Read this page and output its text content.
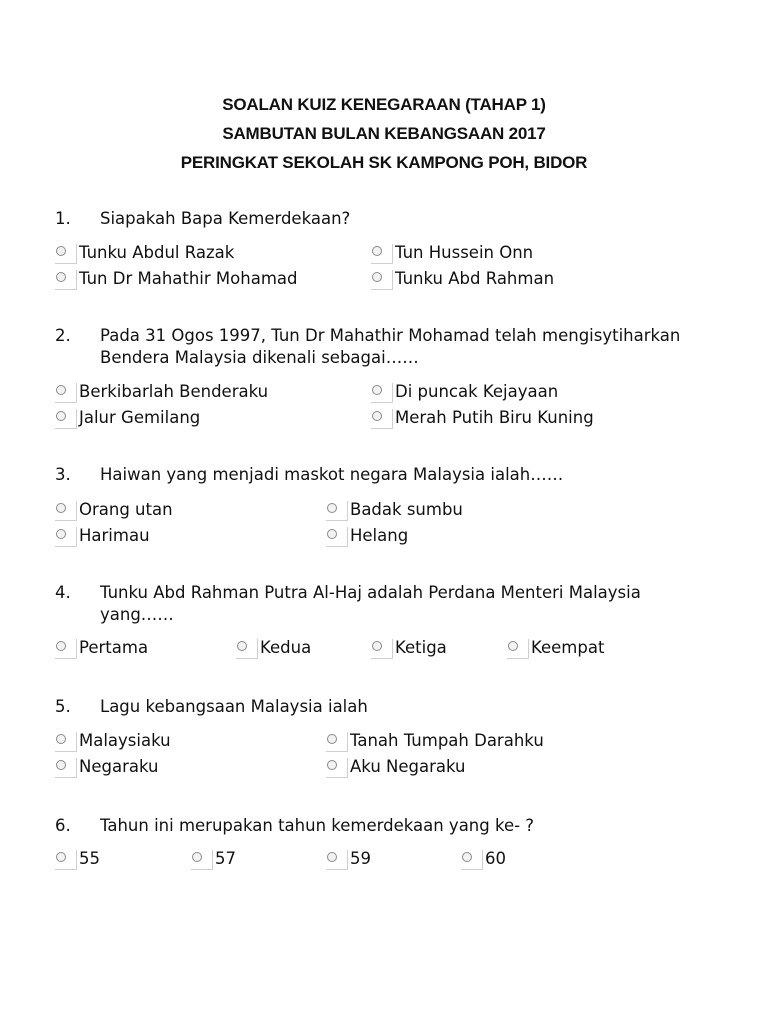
SOALAN KUIZ KENEGARAAN (TAHAP 1)
SAMBUTAN BULAN KEBANGSAAN 2017
PERINGKAT SEKOLAH SK KAMPONG POH, BIDOR
1. Siapakah Bapa Kemerdekaan?
Tunku Abdul Razak	Tun Hussein Onn
Tun Dr Mahathir Mohamad	Tunku Abd Rahman
2. Pada 31 Ogos 1997, Tun Dr Mahathir Mohamad telah mengisytiharkan
Bendera Malaysia dikenali sebagai……
Berkibarlah Benderaku	Di puncak Kejayaan
Jalur Gemilang	Merah Putih Biru Kuning
3. Haiwan yang menjadi maskot negara Malaysia ialah……
Orang utan	Badak sumbu
Harimau	Helang
4. Tunku Abd Rahman Putra Al-Haj adalah Perdana Menteri Malaysia
yang……
Pertama	Kedua	Ketiga	Keempat
5. Lagu kebangsaan Malaysia ialah
Malaysiaku	Tanah Tumpah Darahku
Negaraku	Aku Negaraku
6. Tahun ini merupakan tahun kemerdekaan yang ke- ?
55	57	59	60
